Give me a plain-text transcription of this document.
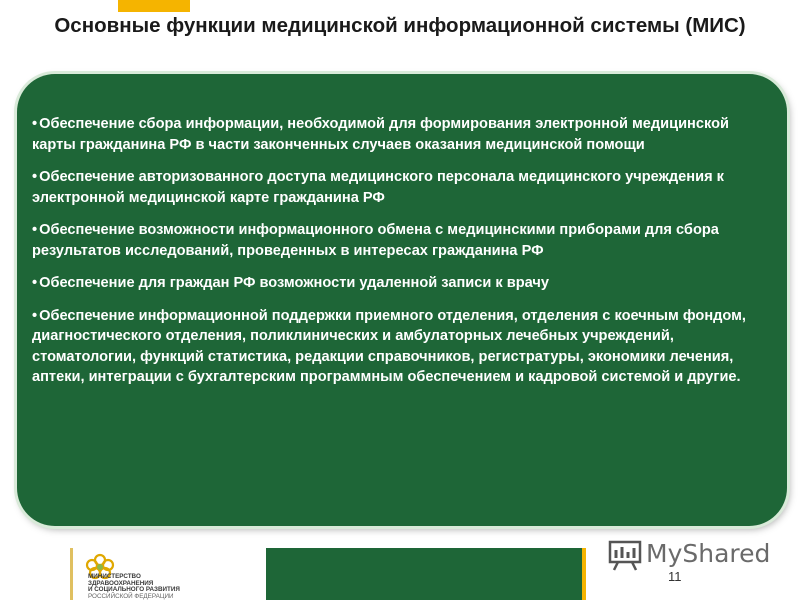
Основные функции медицинской информационной системы (МИС)
• Обеспечение сбора информации, необходимой для формирования электронной медицинской карты гражданина РФ в части законченных случаев оказания медицинской помощи
• Обеспечение авторизованного доступа медицинского персонала медицинского учреждения к электронной медицинской карте гражданина РФ
• Обеспечение возможности информационного обмена с медицинскими приборами для сбора результатов исследований, проведенных в интересах гражданина РФ
• Обеспечение для граждан РФ возможности удаленной записи к врачу
• Обеспечение информационной поддержки приемного отделения, отделения с коечным фондом, диагностического отделения, поликлинических и амбулаторных лечебных учреждений, стоматологии, функций статистика, редакции справочников, регистратуры, экономики лечения, аптеки, интеграции с бухгалтерским программным обеспечением и кадровой системой и другие.
МИНИСТЕРСТВО
ЗДРАВООХРАНЕНИЯ
И СОЦИАЛЬНОГО РАЗВИТИЯ
РОССИЙСКОЙ ФЕДЕРАЦИИ

MyShared

11
